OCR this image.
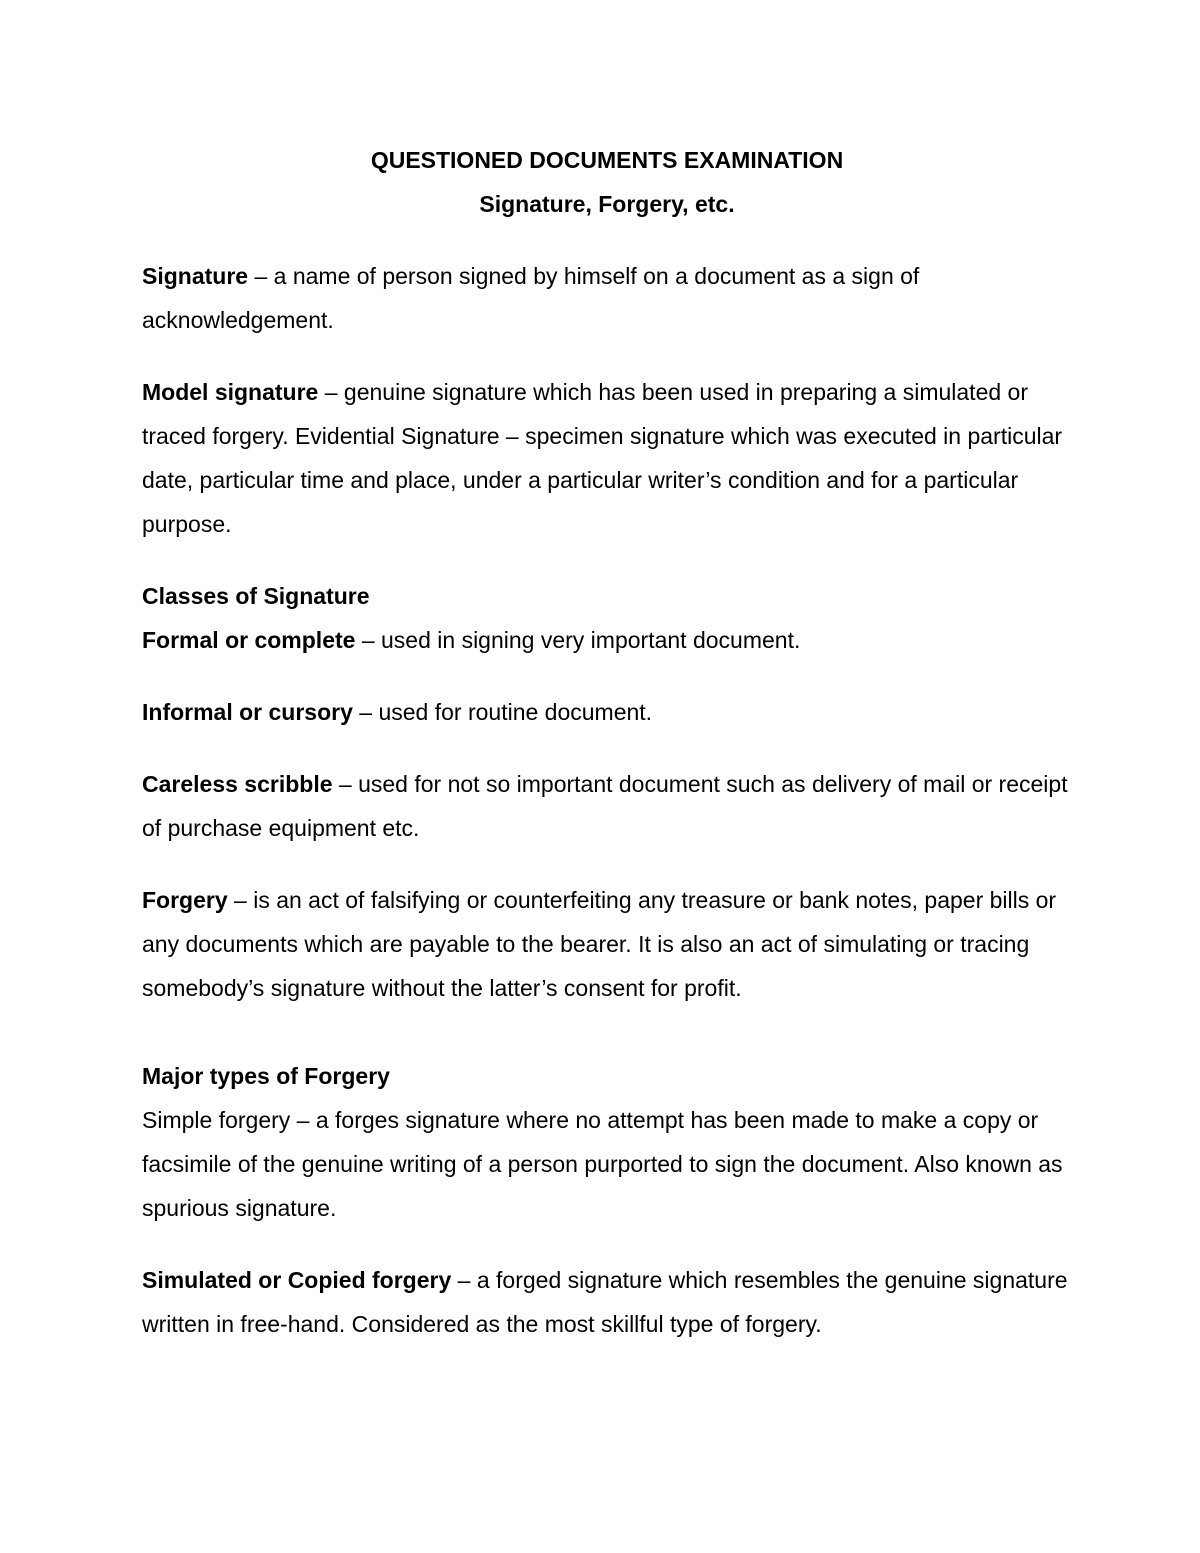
QUESTIONED DOCUMENTS EXAMINATION
Signature, Forgery, etc.

Signature – a name of person signed by himself on a document as a sign of acknowledgement.

Model signature – genuine signature which has been used in preparing a simulated or traced forgery. Evidential Signature – specimen signature which was executed in particular date, particular time and place, under a particular writer’s condition and for a particular purpose.

Classes of Signature

Formal or complete – used in signing very important document.

Informal or cursory – used for routine document.

Careless scribble – used for not so important document such as delivery of mail or receipt of purchase equipment etc.

Forgery – is an act of falsifying or counterfeiting any treasure or bank notes, paper bills or any documents which are payable to the bearer. It is also an act of simulating or tracing somebody’s signature without the latter’s consent for profit.

Major types of Forgery

Simple forgery – a forges signature where no attempt has been made to make a copy or facsimile of the genuine writing of a person purported to sign the document. Also known as spurious signature.

Simulated or Copied forgery – a forged signature which resembles the genuine signature written in free-hand. Considered as the most skillful type of forgery.
